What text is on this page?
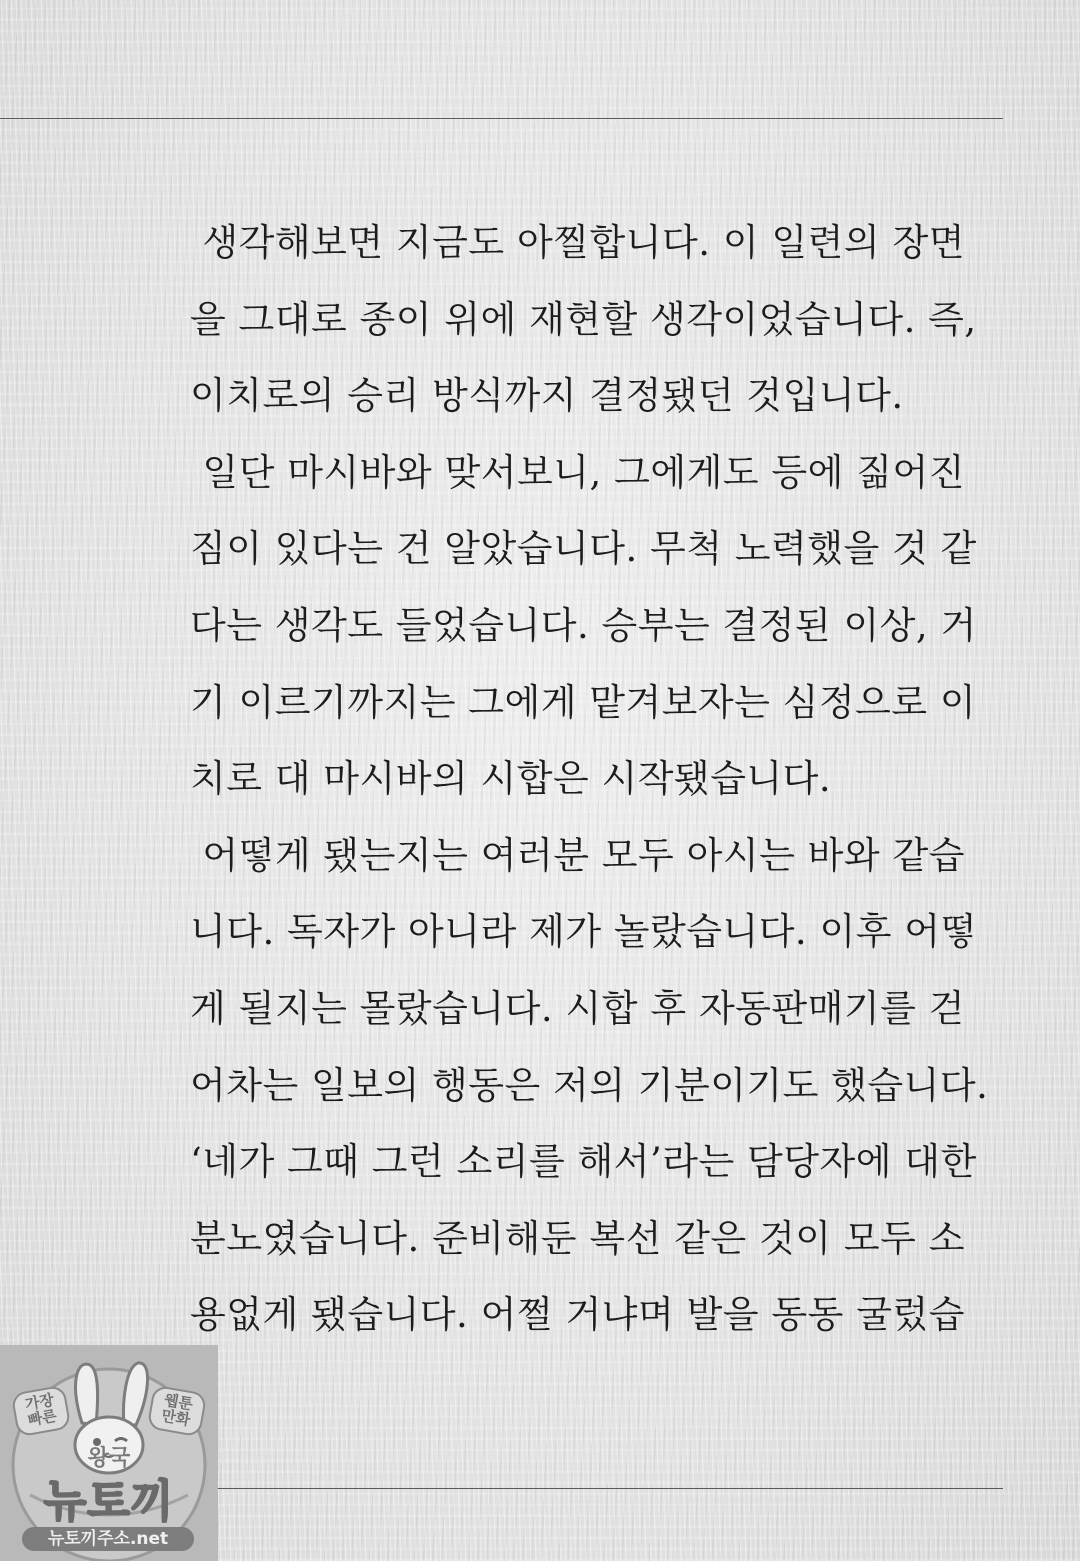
생각해보면 지금도 아찔합니다. 이 일련의 장면
을 그대로 종이 위에 재현할 생각이었습니다. 즉,
이치로의 승리 방식까지 결정됐던 것입니다.
일단 마시바와 맞서보니, 그에게도 등에 짊어진
짐이 있다는 건 알았습니다. 무척 노력했을 것 같
다는 생각도 들었습니다. 승부는 결정된 이상, 거
기 이르기까지는 그에게 맡겨보자는 심정으로 이
치로 대 마시바의 시합은 시작됐습니다.
어떻게 됐는지는 여러분 모두 아시는 바와 같습
니다. 독자가 아니라 제가 놀랐습니다. 이후 어떻
게 될지는 몰랐습니다. 시합 후 자동판매기를 걷
어차는 일보의 행동은 저의 기분이기도 했습니다.
‘네가 그때 그런 소리를 해서’라는 담당자에 대한
분노였습니다. 준비해둔 복선 같은 것이 모두 소
용없게 됐습니다. 어쩔 거냐며 발을 동동 굴렀습
가장
빠른
웹툰
만화
왕국
뉴토끼
뉴토끼주소.net
